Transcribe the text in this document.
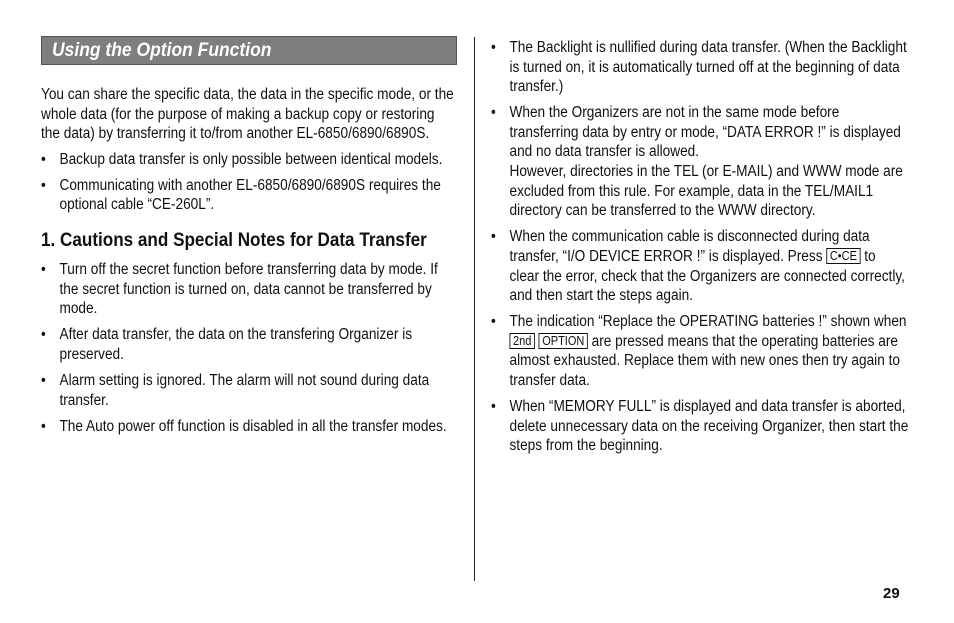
Using the Option Function

You can share the specific data, the data in the specific mode, or the whole data (for the purpose of making a backup copy or restoring the data) by transferring it to/from another EL-6850/6890/6890S.

• Backup data transfer is only possible between identical models.
• Communicating with another EL-6850/6890/6890S requires the optional cable “CE-260L”.
1. Cautions and Special Notes for Data Transfer
• Turn off the secret function before transferring data by mode. If the secret function is turned on, data cannot be transferred by mode.
• After data transfer, the data on the transfering Organizer is preserved.
• Alarm setting is ignored. The alarm will not sound during data transfer.
• The Auto power off function is disabled in all the transfer modes.
• The Backlight is nullified during data transfer. (When the Backlight is turned on, it is automatically turned off at the beginning of data transfer.)
• When the Organizers are not in the same mode before transferring data by entry or mode, “DATA ERROR !” is displayed and no data transfer is allowed.
However, directories in the TEL (or E-MAIL) and WWW mode are excluded from this rule. For example, data in the TEL/MAIL1 directory can be transferred to the WWW directory.
• When the communication cable is disconnected during data transfer, “I/O DEVICE ERROR !” is displayed. Press C•CE to clear the error, check that the Organizers are connected correctly, and then start the steps again.
• The indication “Replace the OPERATING batteries !” shown when 2nd OPTION are pressed means that the operating batteries are almost exhausted. Replace them with new ones then try again to transfer data.
• When “MEMORY FULL” is displayed and data transfer is aborted, delete unnecessary data on the receiving Organizer, then start the steps from the beginning.
29
